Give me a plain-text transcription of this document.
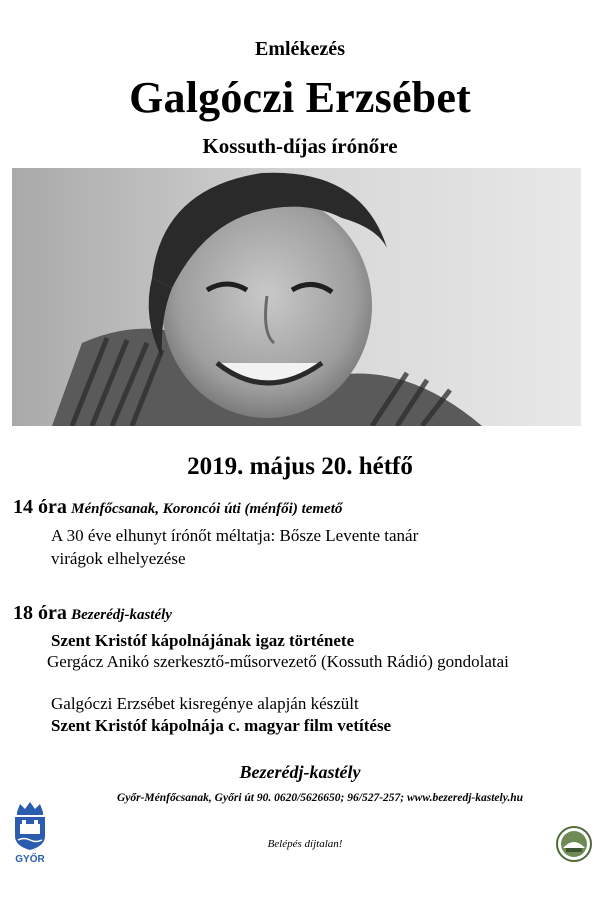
Emlékezés
Galgóczi Erzsébet
Kossuth-díjas írónőre
2019. május 20. hétfő
14 óra Ménfőcsanak, Koroncói úti (ménfői) temető
A 30 éve elhunyt írónőt méltatja: Bősze Levente tanár
virágok elhelyezése
18 óra Bezerédj-kastély
Szent Kristóf kápolnájának igaz története
Gergácz Anikó szerkesztő-műsorvezető (Kossuth Rádió) gondolatai
Galgóczi Erzsébet kisregénye alapján készült
Szent Kristóf kápolnája c. magyar film vetítése
Bezerédj-kastély
Győr-Ménfőcsanak, Győri út 90. 0620/5626650; 96/527-257; www.bezeredj-kastely.hu
Belépés díjtalan!
GYŐR
